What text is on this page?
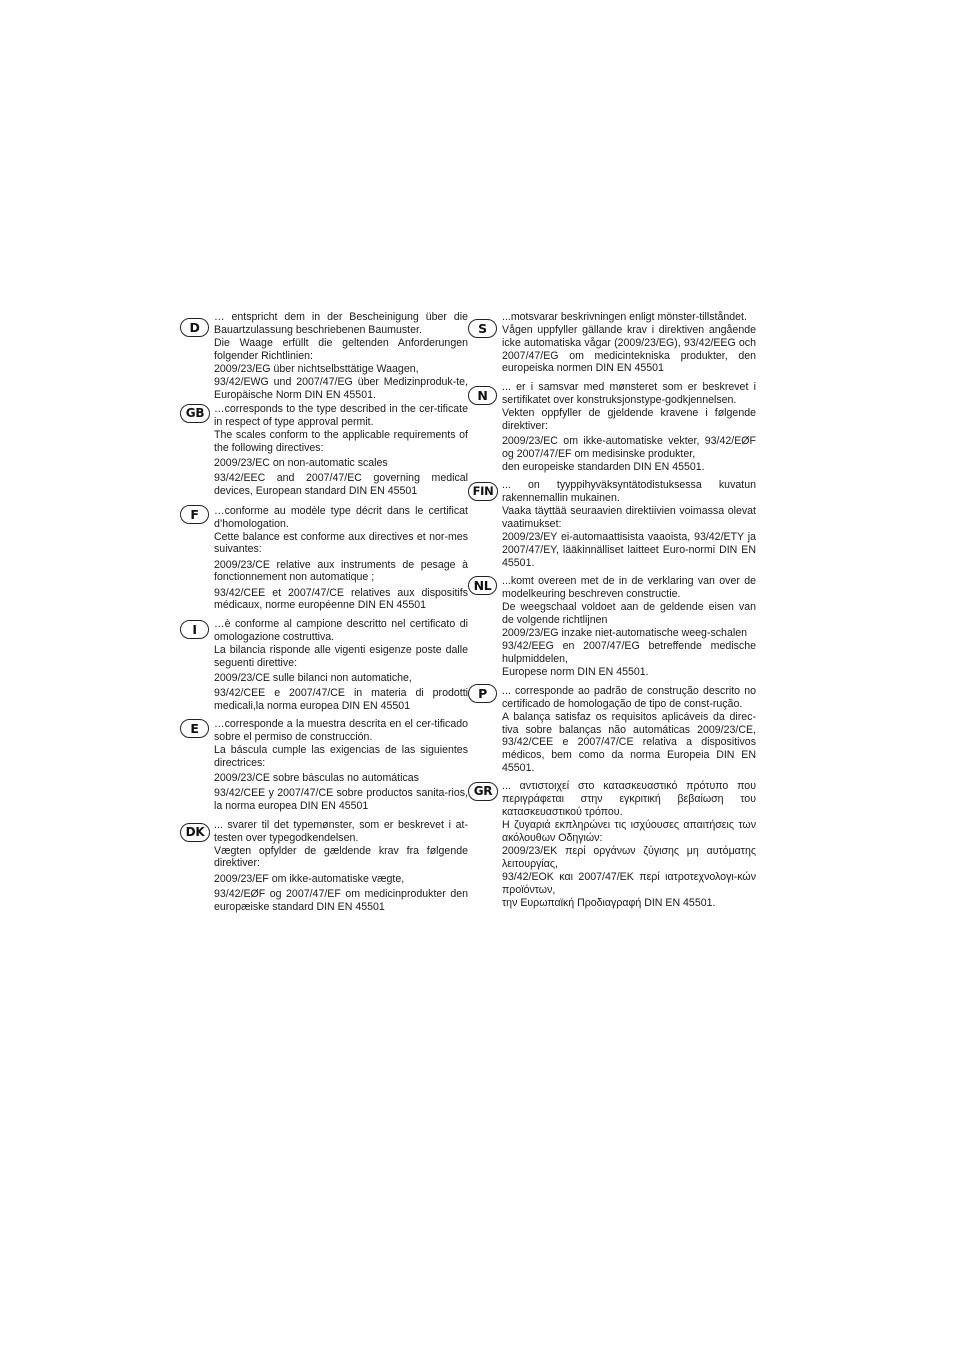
D

… entspricht dem in der Bescheinigung über die Bauartzulassung beschriebenen Baumuster.

Die Waage erfüllt die geltenden Anforderungen folgender Richtlinien:

2009/23/EG über nichtselbsttätige Waagen,

93/42/EWG und 2007/47/EG über Medizinproduk-te, Europäische Norm DIN EN 45501.

GB …corresponds to the type described in the cer-tificate in respect of type approval permit.

The scales conform to the applicable requirements of the following directives:

2009/23/EC on non-automatic scales

93/42/EEC and 2007/47/EC governing medical devices, European standard DIN EN 45501

F	…conforme au modèle type décrit dans le certificat d’homologation.

Cette balance est conforme aux directives et nor-mes suivantes:

2009/23/CE relative aux instruments de pesage à fonctionnement non automatique ;

93/42/CEE et 2007/47/CE relatives aux dispositifs médicaux, norme européenne DIN EN 45501

I	…è conforme al campione descritto nel certificato di omologazione costruttiva.

La bilancia risponde alle vigenti esigenze poste dalle seguenti direttive:

2009/23/CE sulle bilanci non automatiche,

93/42/CEE e 2007/47/CE in materia di prodotti medicali,la norma europea DIN EN 45501

E	…corresponde a la muestra descrita en el cer-tificado sobre el permiso de construcción.

La báscula cumple las exigencias de las siguientes directrices:

2009/23/CE sobre básculas no automáticas

93/42/CEE y 2007/47/CE sobre productos sanita-rios, la norma europea DIN EN 45501

DK ... svarer til det typemønster, som er beskrevet i at-testen over typegodkendelsen.

Vægten opfylder de gældende krav fra følgende direktiver:

2009/23/EF om ikke-automatiske vægte,

93/42/EØF og 2007/47/EF om medicinprodukter den europæiske standard DIN EN 45501

S

...motsvarar beskrivningen enligt mönster-tillståndet.

Vågen uppfyller gällande krav i direktiven angående icke automatiska vågar (2009/23/EG), 93/42/EEG och 2007/47/EG om medicintekniska produkter, den europeiska normen DIN EN 45501

N

... er i samsvar med mønsteret som er beskrevet i sertifikatet over konstruksjonstype-godkjennelsen.

Vekten oppfyller de gjeldende kravene i følgende direktiver:

2009/23/EC om ikke-automatiske vekter, 93/42/EØF og 2007/47/EF om medisinske produkter,

den europeiske standarden DIN EN 45501.

FIN ... on tyyppihyväksyntätodistuksessa kuvatun rakennemallin mukainen.

Vaaka täyttää seuraavien direktiivien voimassa olevat vaatimukset:

2009/23/EY ei-automaattisista vaaoista, 93/42/ETY ja 2007/47/EY, lääkinnälliset laitteet Euro-normi DIN EN 45501.

NL ...komt overeen met de in de verklaring van over de modelkeuring beschreven constructie.

De weegschaal voldoet aan de geldende eisen van de volgende richtlijnen

2009/23/EG inzake niet-automatische weeg-schalen

93/42/EEG en 2007/47/EG betreffende medische hulpmiddelen,

Europese norm DIN EN 45501.

P	... corresponde ao padrão de construção descrito no certificado de homologação de tipo de const-rução.

A balança satisfaz os requisitos aplicáveis da direc-tiva sobre balanças não automáticas 2009/23/CE, 93/42/CEE e 2007/47/CE relativa a dispositivos médicos, bem como da norma Europeia DIN EN 45501.

GR ... αντιστοιχεί στο κατασκευαστικό πρότυπο που περιγράφεται στην εγκριτική βεβαίωση του κατασκευαστικού τρόπου.

Η ζυγαριά εκπληρώνει τις ισχύουσες απαιτήσεις των ακόλουθων Οδηγιών:

2009/23/ΕΚ περί οργάνων ζύγισης μη αυτόματης λειτουργίας,

93/42/ΕΟΚ και 2007/47/ΕΚ περί ιατροτεχνολογι-κών προϊόντων,

την Ευρωπαϊκή Προδιαγραφή DIN EN 45501.
